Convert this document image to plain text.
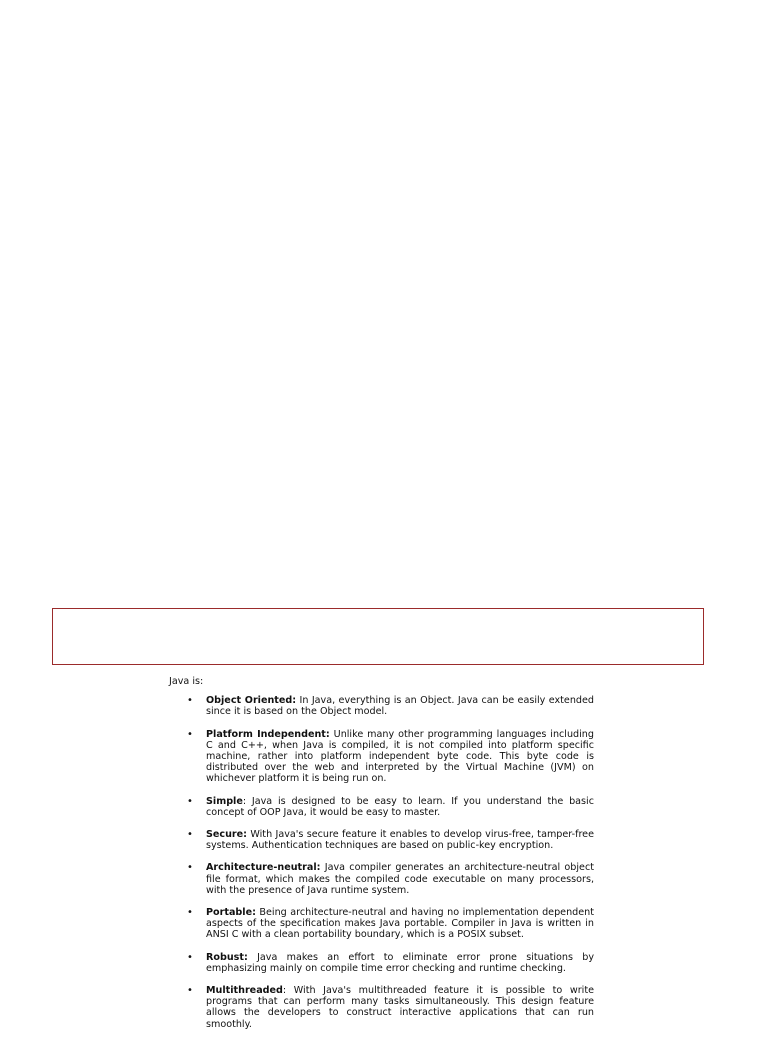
Java is:

• Object Oriented: In Java, everything is an Object. Java can be easily extended since it is based on the Object model.
• Platform Independent: Unlike many other programming languages including C and C++, when Java is compiled, it is not compiled into platform specific machine, rather into platform independent byte code. This byte code is distributed over the web and interpreted by the Virtual Machine (JVM) on whichever platform it is being run on.
• Simple: Java is designed to be easy to learn. If you understand the basic concept of OOP Java, it would be easy to master.
• Secure: With Java's secure feature it enables to develop virus-free, tamper-free systems. Authentication techniques are based on public-key encryption.
• Architecture-neutral: Java compiler generates an architecture-neutral object file format, which makes the compiled code executable on many processors, with the presence of Java runtime system.
• Portable: Being architecture-neutral and having no implementation dependent aspects of the specification makes Java portable. Compiler in Java is written in ANSI C with a clean portability boundary, which is a POSIX subset.
• Robust: Java makes an effort to eliminate error prone situations by emphasizing mainly on compile time error checking and runtime checking.
• Multithreaded: With Java's multithreaded feature it is possible to write programs that can perform many tasks simultaneously. This design feature allows the developers to construct interactive applications that can run smoothly.
